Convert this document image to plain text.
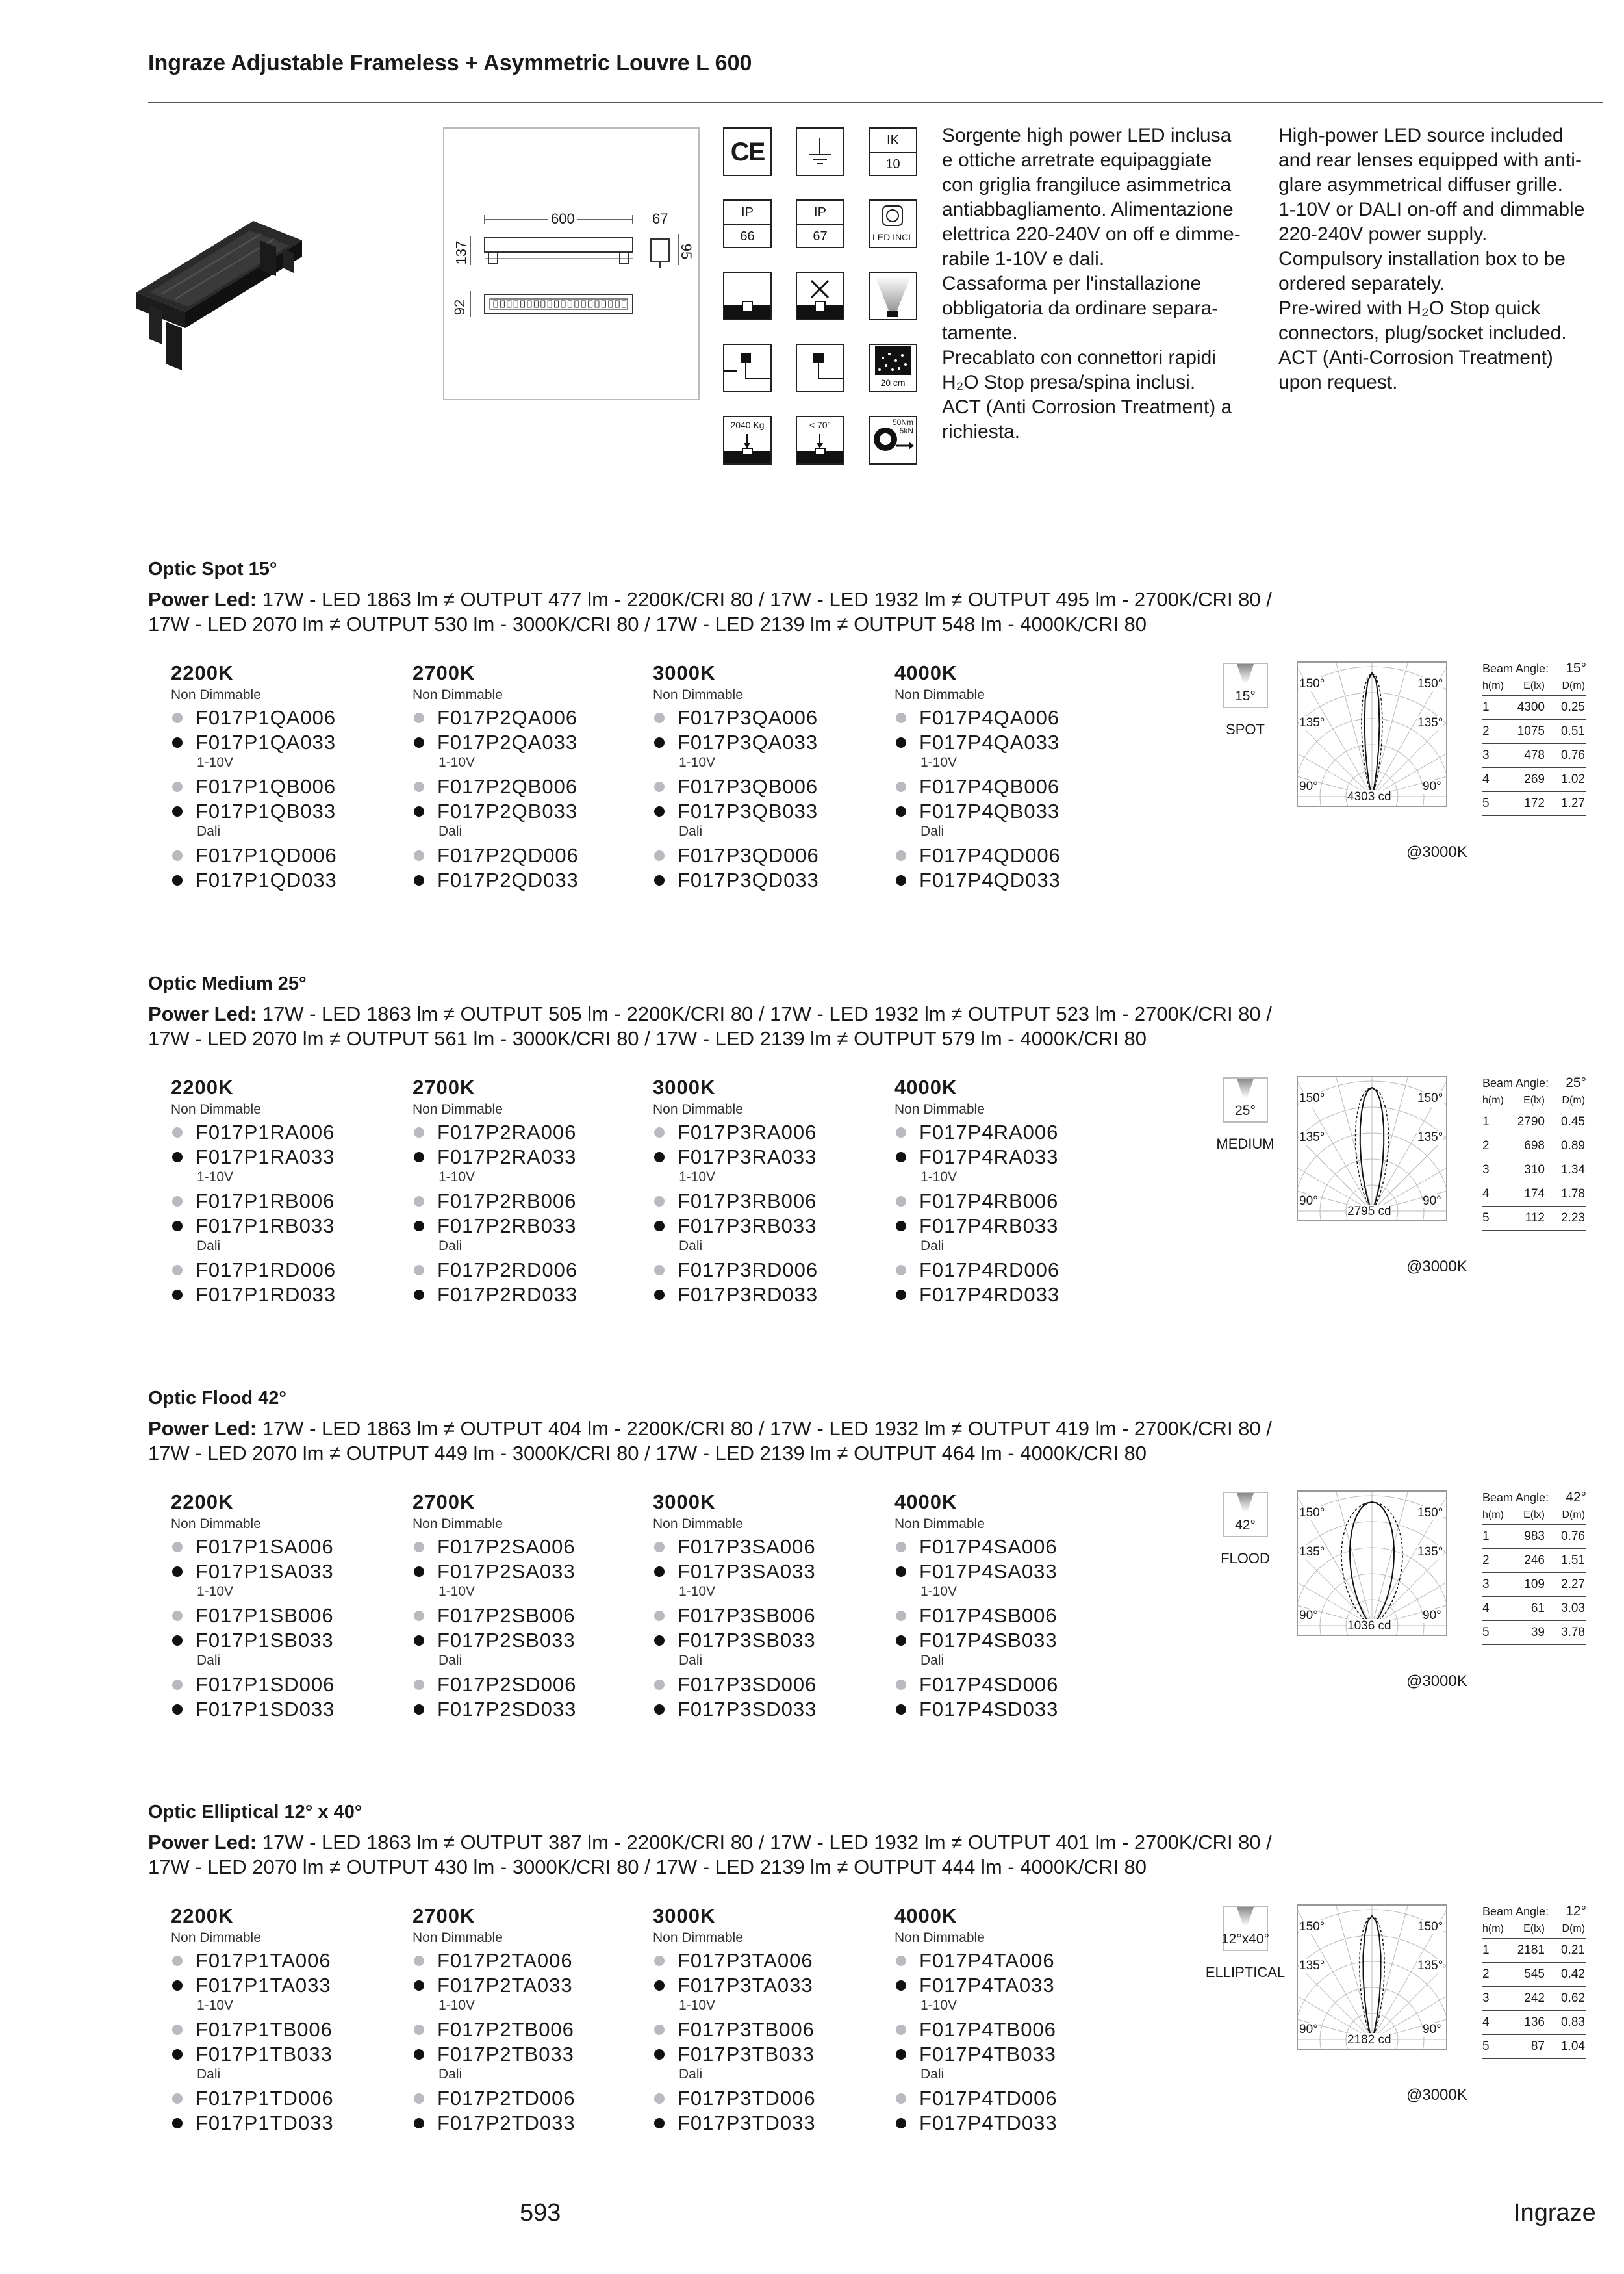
Ingraze Adjustable Frameless + Asymmetric Louvre L 600
600	67
137
92
95
CE	IK
10
IP
66
IP
67	LED INCL
20 cm
2040 Kg	< 70°	50Nm
5kN

Sorgente high power LED inclusa

e ottiche arretrate equipaggiate

con griglia frangiluce asimmetrica

antiabbagliamento. Alimentazione

elettrica 220-240V on off e dimme-

rabile 1-10V e dali.

Cassaforma per l'installazione

obbligatoria da ordinare separa-

tamente.

Precablato con connettori rapidi

H₂O Stop presa/spina inclusi.

ACT (Anti Corrosion Treatment) a

richiesta.

High-power LED source included

and rear lenses equipped with anti-

glare asymmetrical diffuser grille.

1-10V or DALI on-off and dimmable

220-240V power supply.

Compulsory installation box to be

ordered separately.

Pre-wired with H₂O Stop quick

connectors, plug/socket included.

ACT (Anti-Corrosion Treatment)

upon request.

Optic Spot 15°
Power Led: 17W - LED 1863 lm ≠ OUTPUT 477 lm - 2200K/CRI 80 / 17W - LED 1932 lm ≠ OUTPUT 495 lm - 2700K/CRI 80 /
17W - LED 2070 lm ≠ OUTPUT 530 lm - 3000K/CRI 80 / 17W - LED 2139 lm ≠ OUTPUT 548 lm - 4000K/CRI 80
2200K
Non Dimmable
F017P1QA006
F017P1QA033
1-10V
F017P1QB006
F017P1QB033
Dali
F017P1QD006
F017P1QD033
2700K
Non Dimmable
F017P2QA006
F017P2QA033
1-10V
F017P2QB006
F017P2QB033
Dali
F017P2QD006
F017P2QD033
3000K
Non Dimmable
F017P3QA006
F017P3QA033
1-10V
F017P3QB006
F017P3QB033
Dali
F017P3QD006
F017P3QD033
4000K
Non Dimmable
F017P4QA006
F017P4QA033
1-10V
F017P4QB006
F017P4QB033
Dali
F017P4QD006
F017P4QD033
15°
SPOT
150°	150°
135°	135°
90°	90°
4303 cd
@3000K
Beam Angle: 15°
h(m)	E(lx)	D(m)
1	4300	0.25
2	1075	0.51
3	478	0.76
4	269	1.02
5	172	1.27
Optic Medium 25°
Power Led: 17W - LED 1863 lm ≠ OUTPUT 505 lm - 2200K/CRI 80 / 17W - LED 1932 lm ≠ OUTPUT 523 lm - 2700K/CRI 80 /
17W - LED 2070 lm ≠ OUTPUT 561 lm - 3000K/CRI 80 / 17W - LED 2139 lm ≠ OUTPUT 579 lm - 4000K/CRI 80
2200K
Non Dimmable
F017P1RA006
F017P1RA033
1-10V
F017P1RB006
F017P1RB033
Dali
F017P1RD006
F017P1RD033
2700K
Non Dimmable
F017P2RA006
F017P2RA033
1-10V
F017P2RB006
F017P2RB033
Dali
F017P2RD006
F017P2RD033
3000K
Non Dimmable
F017P3RA006
F017P3RA033
1-10V
F017P3RB006
F017P3RB033
Dali
F017P3RD006
F017P3RD033
4000K
Non Dimmable
F017P4RA006
F017P4RA033
1-10V
F017P4RB006
F017P4RB033
Dali
F017P4RD006
F017P4RD033
25°
MEDIUM
150°	150°
135°	135°
90°	90°
2795 cd
@3000K
Beam Angle: 25°
h(m)	E(lx)	D(m)
1	2790	0.45
2	698	0.89
3	310	1.34
4	174	1.78
5	112	2.23
Optic Flood 42°
Power Led: 17W - LED 1863 lm ≠ OUTPUT 404 lm - 2200K/CRI 80 / 17W - LED 1932 lm ≠ OUTPUT 419 lm - 2700K/CRI 80 /
17W - LED 2070 lm ≠ OUTPUT 449 lm - 3000K/CRI 80 / 17W - LED 2139 lm ≠ OUTPUT 464 lm - 4000K/CRI 80
2200K
Non Dimmable
F017P1SA006
F017P1SA033
1-10V
F017P1SB006
F017P1SB033
Dali
F017P1SD006
F017P1SD033
2700K
Non Dimmable
F017P2SA006
F017P2SA033
1-10V
F017P2SB006
F017P2SB033
Dali
F017P2SD006
F017P2SD033
3000K
Non Dimmable
F017P3SA006
F017P3SA033
1-10V
F017P3SB006
F017P3SB033
Dali
F017P3SD006
F017P3SD033
4000K
Non Dimmable
F017P4SA006
F017P4SA033
1-10V
F017P4SB006
F017P4SB033
Dali
F017P4SD006
F017P4SD033
42°
FLOOD
150°	150°
135°	135°
90°	90°
1036 cd
@3000K
Beam Angle: 42°
h(m)	E(lx)	D(m)
1	983	0.76
2	246	1.51
3	109	2.27
4	61	3.03
5	39	3.78
Optic Elliptical 12° x 40°
Power Led: 17W - LED 1863 lm ≠ OUTPUT 387 lm - 2200K/CRI 80 / 17W - LED 1932 lm ≠ OUTPUT 401 lm - 2700K/CRI 80 /
17W - LED 2070 lm ≠ OUTPUT 430 lm - 3000K/CRI 80 / 17W - LED 2139 lm ≠ OUTPUT 444 lm - 4000K/CRI 80
2200K
Non Dimmable
F017P1TA006
F017P1TA033
1-10V
F017P1TB006
F017P1TB033
Dali
F017P1TD006
F017P1TD033
2700K
Non Dimmable
F017P2TA006
F017P2TA033
1-10V
F017P2TB006
F017P2TB033
Dali
F017P2TD006
F017P2TD033
3000K
Non Dimmable
F017P3TA006
F017P3TA033
1-10V
F017P3TB006
F017P3TB033
Dali
F017P3TD006
F017P3TD033
4000K
Non Dimmable
F017P4TA006
F017P4TA033
1-10V
F017P4TB006
F017P4TB033
Dali
F017P4TD006
F017P4TD033
12°x40°
ELLIPTICAL
150°	150°
135°	135°
90°	90°
2182 cd
@3000K
Beam Angle: 12°
h(m)	E(lx)	D(m)
1	2181	0.21
2	545	0.42
3	242	0.62
4	136	0.83
5	87	1.04
593	Ingraze
